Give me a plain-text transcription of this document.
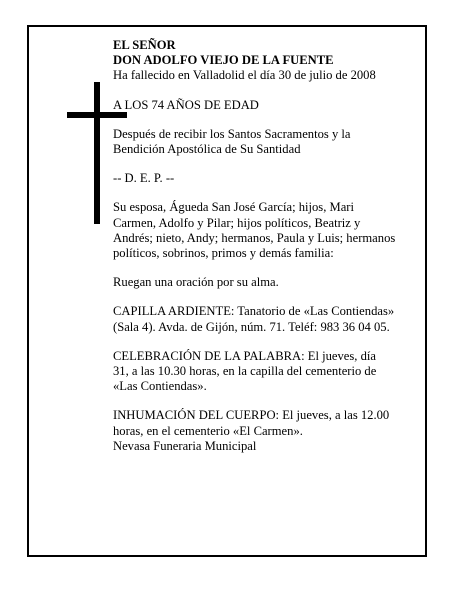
EL SEÑOR
DON ADOLFO VIEJO DE LA FUENTE
Ha fallecido en Valladolid el día 30 de julio de 2008

A LOS 74 AÑOS DE EDAD

Después de recibir los Santos Sacramentos y la
Bendición Apostólica de Su Santidad

-- D. E. P. --

Su esposa, Águeda San José García; hijos, Mari
Carmen, Adolfo y Pilar; hijos políticos, Beatriz y
Andrés; nieto, Andy; hermanos, Paula y Luis; hermanos
políticos, sobrinos, primos y demás familia:

Ruegan una oración por su alma.

CAPILLA ARDIENTE: Tanatorio de «Las Contiendas»
(Sala 4). Avda. de Gijón, núm. 71. Teléf: 983 36 04 05.

CELEBRACIÓN DE LA PALABRA: El jueves, día
31, a las 10.30 horas, en la capilla del cementerio de
«Las Contiendas».

INHUMACIÓN DEL CUERPO: El jueves, a las 12.00
horas, en el cementerio «El Carmen».
Nevasa Funeraria Municipal
